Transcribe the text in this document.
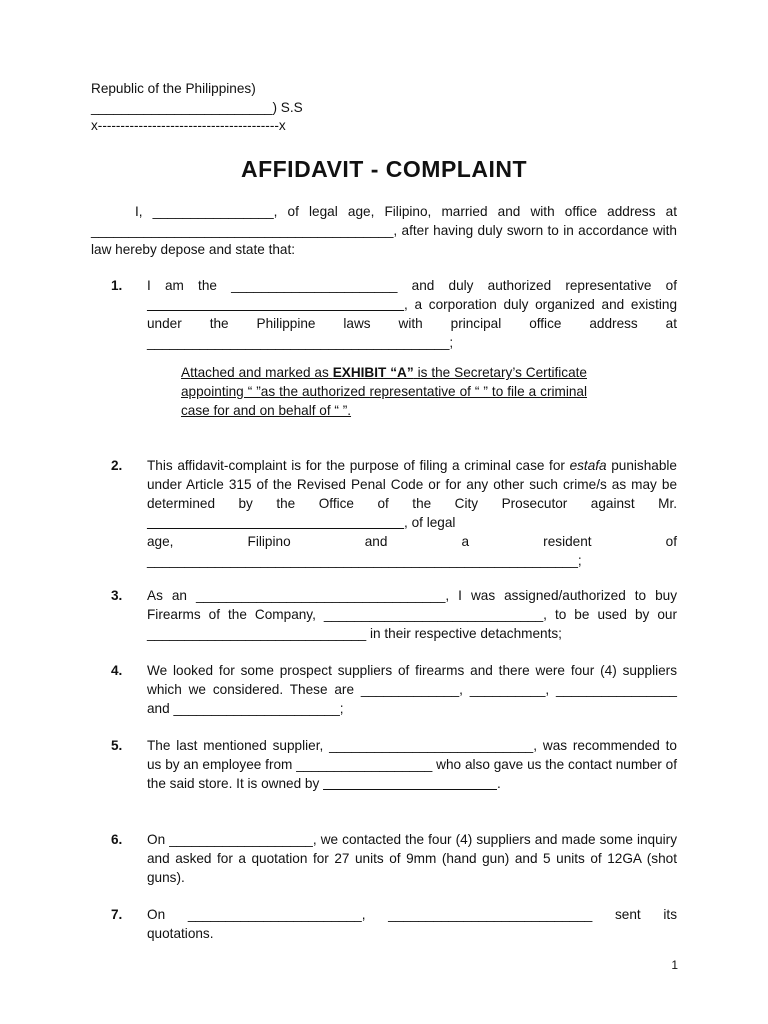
Republic of the Philippines)
________________________) S.S
x----------------------------------------x
AFFIDAVIT - COMPLAINT
I, ________________, of legal age, Filipino, married and with office address at ________________________________________, after having duly sworn to in accordance with law hereby depose and state that:
1. I am the ______________________ and duly authorized representative of
__________________________________, a corporation duly organized and existing under the Philippine laws with principal office address at ________________________________________;
Attached and marked as EXHIBIT “A” is the Secretary’s Certificate appointing “ ”as the authorized representative of “ ” to file a criminal case for and on behalf of “ ”.
2. This affidavit-complaint is for the purpose of filing a criminal case for estafa punishable under Article 315 of the Revised Penal Code or for any other such crime/s as may be determined by the Office of the City Prosecutor against Mr. __________________________________, of legal
age, Filipino and a resident of
_________________________________________________________;
3. As an _________________________________, I was assigned/authorized to buy Firearms of the Company, _____________________________, to be used by our _____________________________ in their respective detachments;
4. We looked for some prospect suppliers of firearms and there were four (4) suppliers which we considered. These are _____________, __________, ________________ and ______________________;
5. The last mentioned supplier, ___________________________, was recommended to us by an employee from __________________ who also gave us the contact number of the said store. It is owned by _______________________.
6. On ___________________, we contacted the four (4) suppliers and made some inquiry and asked for a quotation for 27 units of 9mm (hand gun) and 5 units of 12GA (shot guns).
7. On _______________________, ___________________________ sent its
quotations.
1
